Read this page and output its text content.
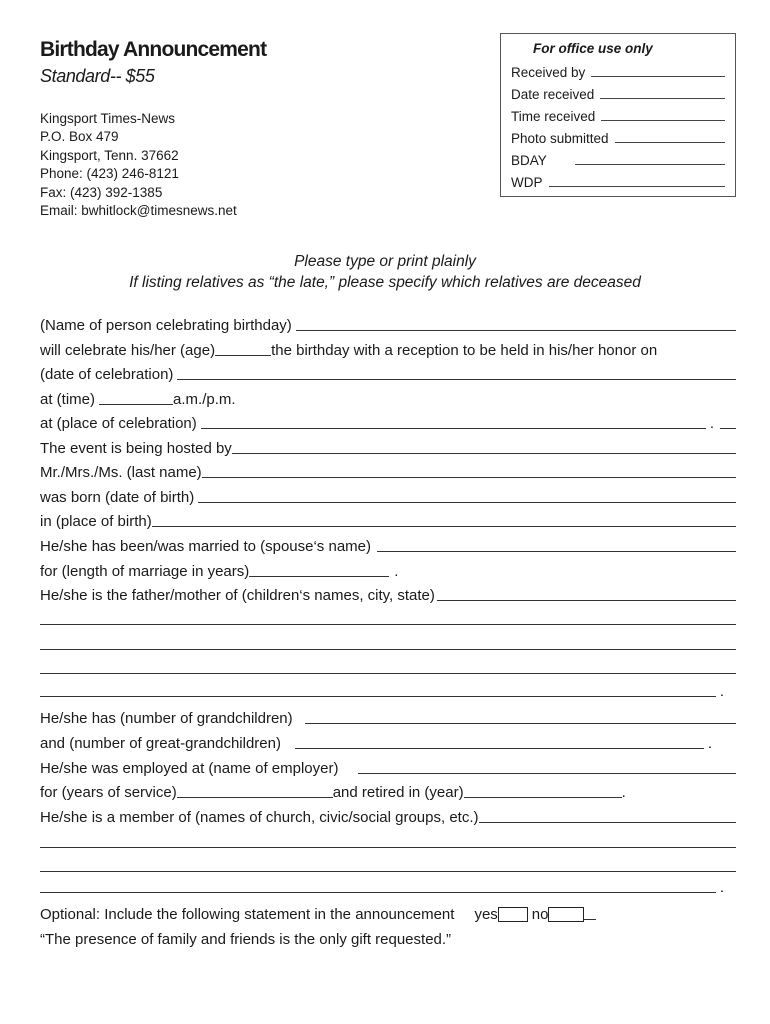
Birthday Announcement
Standard-- $55
Kingsport Times-News
P.O. Box 479
Kingsport, Tenn. 37662
Phone: (423) 246-8121
Fax: (423) 392-1385
Email: bwhitlock@timesnews.net
For office use only
Received by
Date received
Time received
Photo submitted
BDAY
WDP
Please type or print plainly
If listing relatives as “the late,” please specify which relatives are deceased
(Name of person celebrating birthday)
will celebrate his/her (age)	the birthday with a reception to be held in his/her honor on
(date of celebration)
at (time)	a.m./p.m.
at (place of celebration)	.
The event is being hosted by
Mr./Mrs./Ms. (last name)
was born (date of birth)
in (place of birth)
He/she has been/was married to (spouse‘s name)
for (length of marriage in years)	.
He/she is the father/mother of (children‘s names, city, state)
.
He/she has (number of grandchildren)
and (number of great-grandchildren)	.
He/she was employed at (name of employer)
for (years of service)	and retired in (year)	.
He/she is a member of (names of church, civic/social groups, etc.)
.
Optional: Include the following statement in the announcement yes no
“The presence of family and friends is the only gift requested.”
